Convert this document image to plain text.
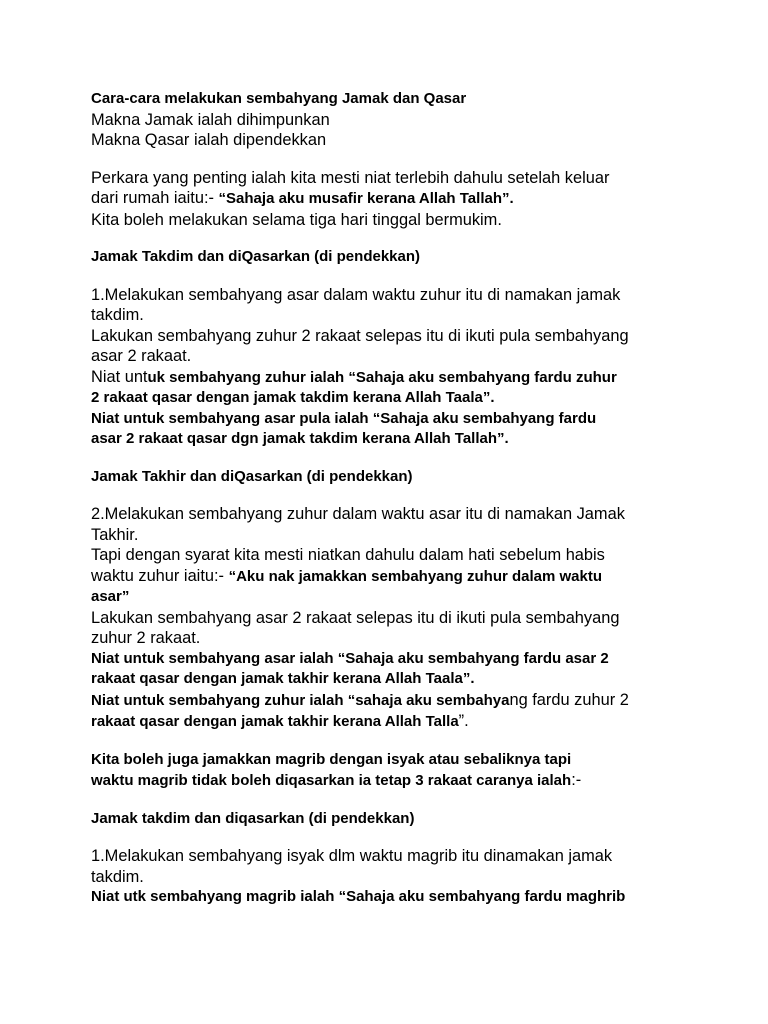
Cara-cara melakukan sembahyang Jamak dan Qasar
Makna Jamak ialah dihimpunkan
Makna Qasar ialah dipendekkan
Perkara yang penting ialah kita mesti niat terlebih dahulu setelah keluar
dari rumah iaitu:- “Sahaja aku musafir kerana Allah Tallah”.
Kita boleh melakukan selama tiga hari tinggal bermukim.
Jamak Takdim dan diQasarkan (di pendekkan)
1.Melakukan sembahyang asar dalam waktu zuhur itu di namakan jamak
takdim.
Lakukan sembahyang zuhur 2 rakaat selepas itu di ikuti pula sembahyang
asar 2 rakaat.
Niat untuk sembahyang zuhur ialah “Sahaja aku sembahyang fardu zuhur
2 rakaat qasar dengan jamak takdim kerana Allah Taala”.
Niat untuk sembahyang asar pula ialah “Sahaja aku sembahyang fardu
asar 2 rakaat qasar dgn jamak takdim kerana Allah Tallah”.
Jamak Takhir dan diQasarkan (di pendekkan)
2.Melakukan sembahyang zuhur dalam waktu asar itu di namakan Jamak
Takhir.
Tapi dengan syarat kita mesti niatkan dahulu dalam hati sebelum habis
waktu zuhur iaitu:- “Aku nak jamakkan sembahyang zuhur dalam waktu
asar”
Lakukan sembahyang asar 2 rakaat selepas itu di ikuti pula sembahyang
zuhur 2 rakaat.
Niat untuk sembahyang asar ialah “Sahaja aku sembahyang fardu asar 2
rakaat qasar dengan jamak takhir kerana Allah Taala”.
Niat untuk sembahyang zuhur ialah “sahaja aku sembahyang fardu zuhur 2
rakaat qasar dengan jamak takhir kerana Allah Talla”.
Kita boleh juga jamakkan magrib dengan isyak atau sebaliknya tapi
waktu magrib tidak boleh diqasarkan ia tetap 3 rakaat caranya ialah:-
Jamak takdim dan diqasarkan (di pendekkan)
1.Melakukan sembahyang isyak dlm waktu magrib itu dinamakan jamak
takdim.
Niat utk sembahyang magrib ialah “Sahaja aku sembahyang fardu maghrib
